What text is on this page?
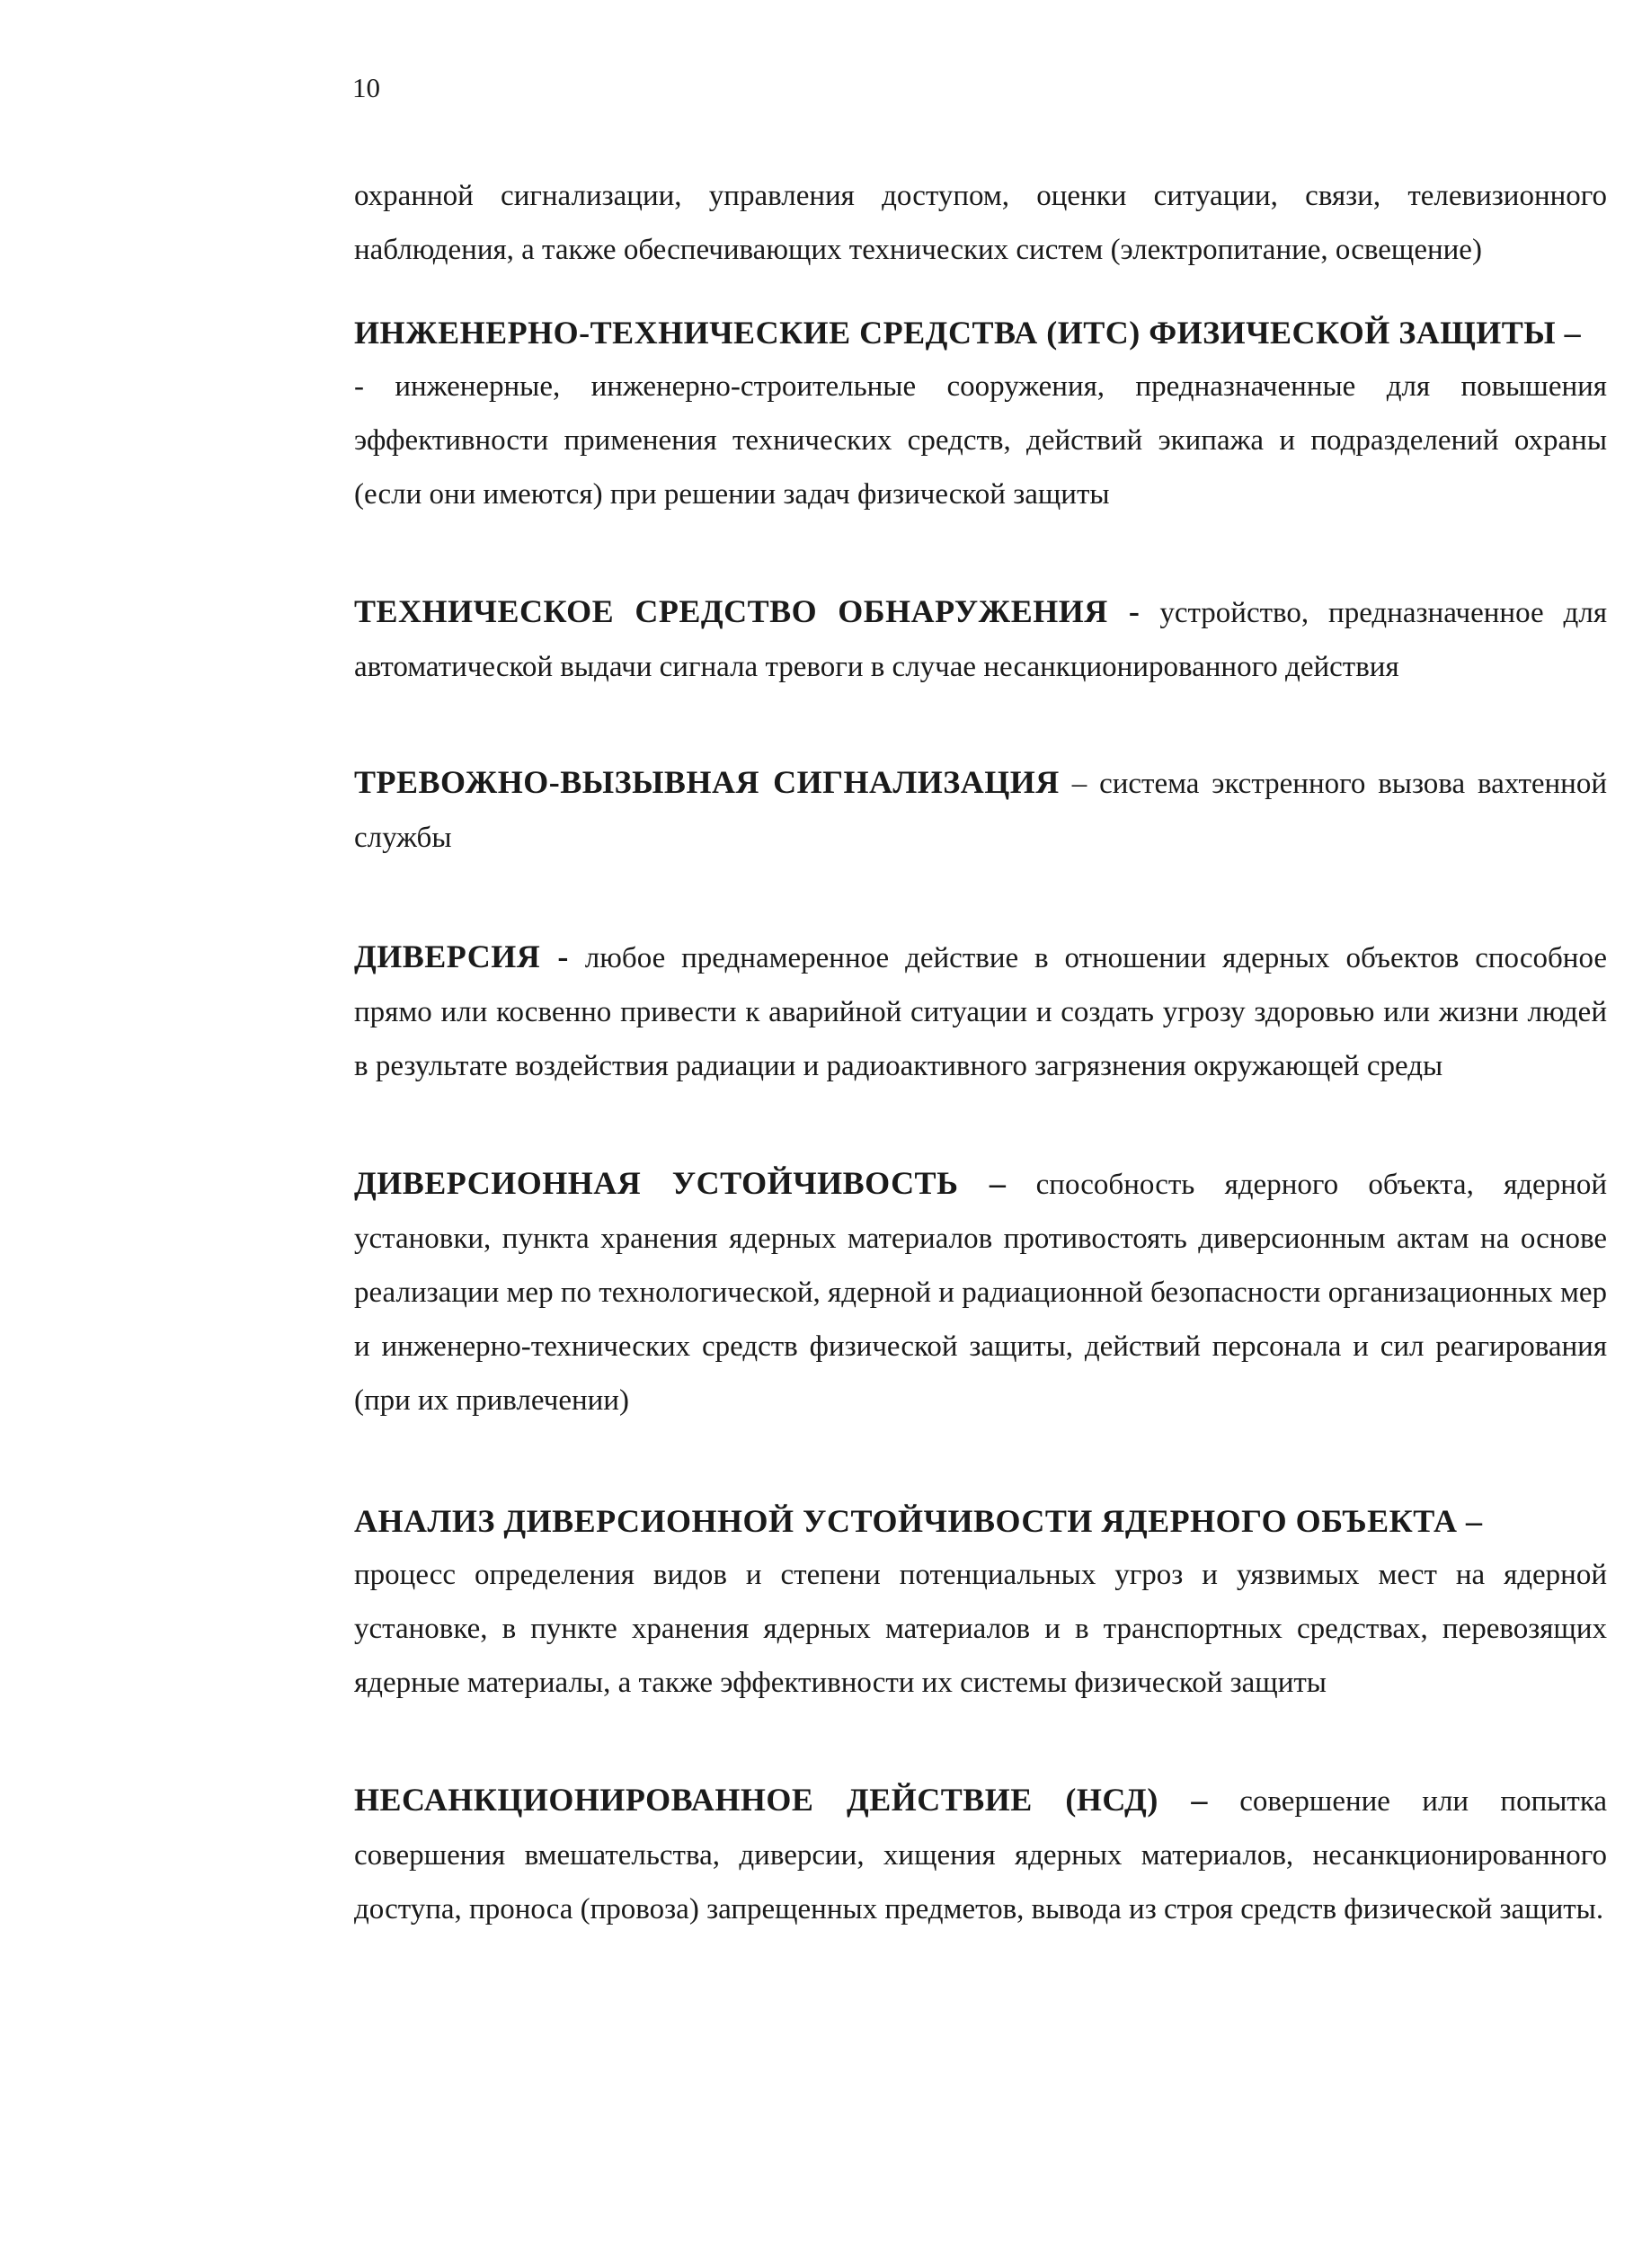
10

охранной сигнализации, управления доступом, оценки ситуации, связи, телевизионного наблюдения, а также обеспечивающих технических систем (электропитание, освещение)

ИНЖЕНЕРНО-ТЕХНИЧЕСКИЕ СРЕДСТВА (ИТС) ФИЗИЧЕСКОЙ ЗАЩИТЫ –
- инженерные, инженерно-строительные сооружения, предназначенные для повышения эффективности применения технических средств, действий экипажа и подразделений охраны (если они имеются) при решении задач физической защиты

ТЕХНИЧЕСКОЕ СРЕДСТВО ОБНАРУЖЕНИЯ - устройство, предназначенное для автоматической выдачи сигнала тревоги в случае несанкционированного действия

ТРЕВОЖНО-ВЫЗЫВНАЯ СИГНАЛИЗАЦИЯ – система экстренного вызова вахтенной службы

ДИВЕРСИЯ - любое преднамеренное действие в отношении ядерных объектов способное прямо или косвенно привести к аварийной ситуации и создать угрозу здоровью или жизни людей в результате воздействия радиации и радиоактивного загрязнения окружающей среды

ДИВЕРСИОННАЯ УСТОЙЧИВОСТЬ – способность ядерного объекта, ядерной установки, пункта хранения ядерных материалов противостоять диверсионным актам на основе реализации мер по технологической, ядерной и радиационной безопасности организационных мер и инженерно-технических средств физической защиты, действий персонала и сил реагирования (при их привлечении)

АНАЛИЗ ДИВЕРСИОННОЙ УСТОЙЧИВОСТИ ЯДЕРНОГО ОБЪЕКТА –
процесс определения видов и степени потенциальных угроз и уязвимых мест на ядерной установке, в пункте хранения ядерных материалов и в транспортных средствах, перевозящих ядерные материалы, а также эффективности их системы физической защиты

НЕСАНКЦИОНИРОВАННОЕ ДЕЙСТВИЕ (НСД) – совершение или попытка совершения вмешательства, диверсии, хищения ядерных материалов, несанкционированного доступа, проноса (провоза) запрещенных предметов, вывода из строя средств физической защиты.
